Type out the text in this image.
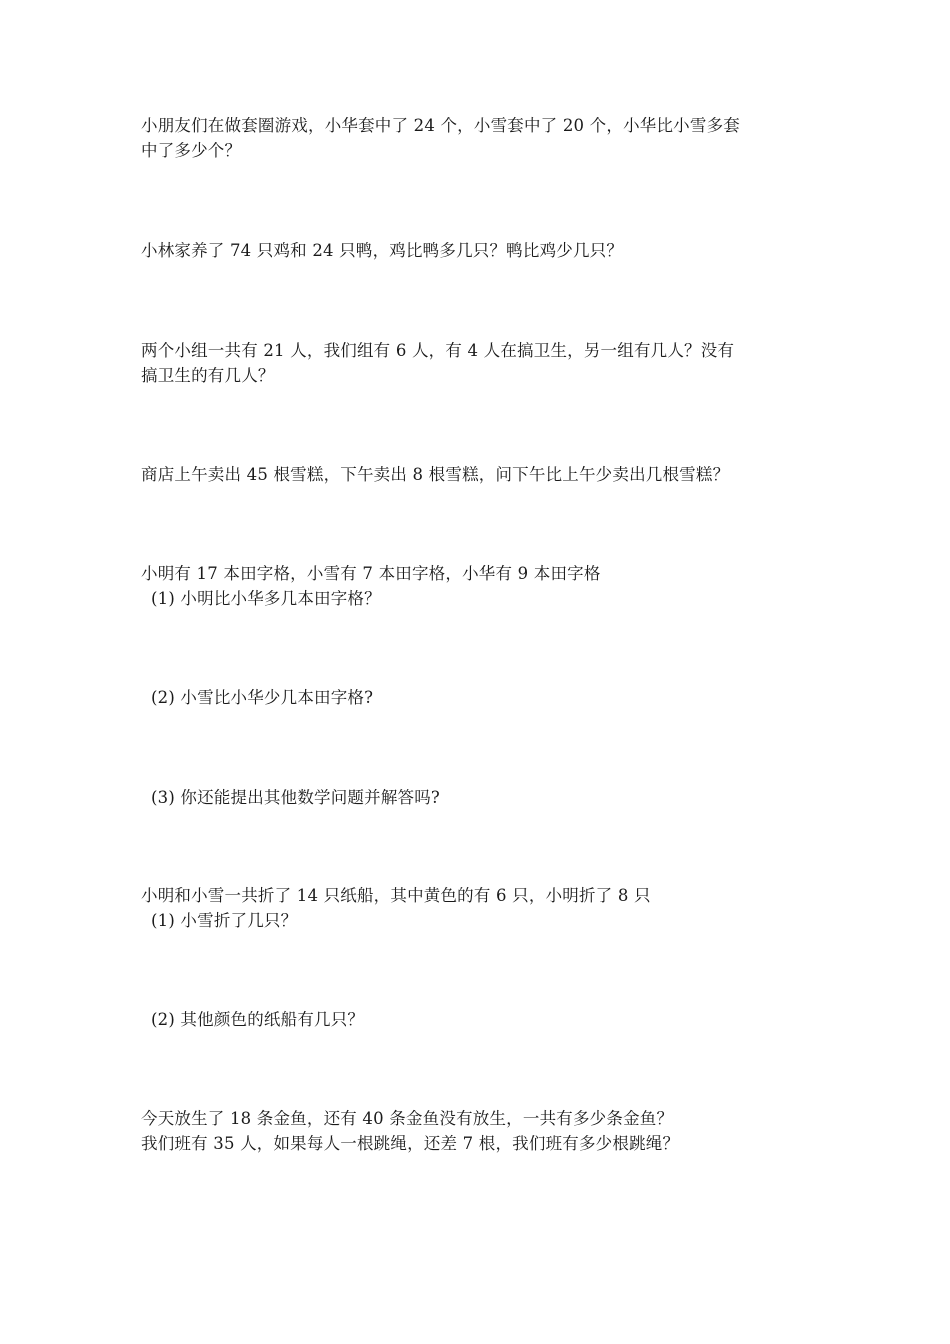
小朋友们在做套圈游戏，小华套中了 24 个，小雪套中了 20 个，小华比小雪多套
中了多少个？
小林家养了 74 只鸡和 24 只鸭，鸡比鸭多几只？鸭比鸡少几只？
两个小组一共有 21 人，我们组有 6 人，有 4 人在搞卫生，另一组有几人？没有
搞卫生的有几人？
商店上午卖出 45 根雪糕，下午卖出 8 根雪糕，问下午比上午少卖出几根雪糕？
小明有 17 本田字格，小雪有 7 本田字格，小华有 9 本田字格
(1) 小明比小华多几本田字格？
(2) 小雪比小华少几本田字格?
(3) 你还能提出其他数学问题并解答吗?
小明和小雪一共折了 14 只纸船，其中黄色的有 6 只，小明折了 8 只
(1) 小雪折了几只？
(2) 其他颜色的纸船有几只？
今天放生了 18 条金鱼，还有 40 条金鱼没有放生，一共有多少条金鱼？
我们班有 35 人，如果每人一根跳绳，还差 7 根，我们班有多少根跳绳？
